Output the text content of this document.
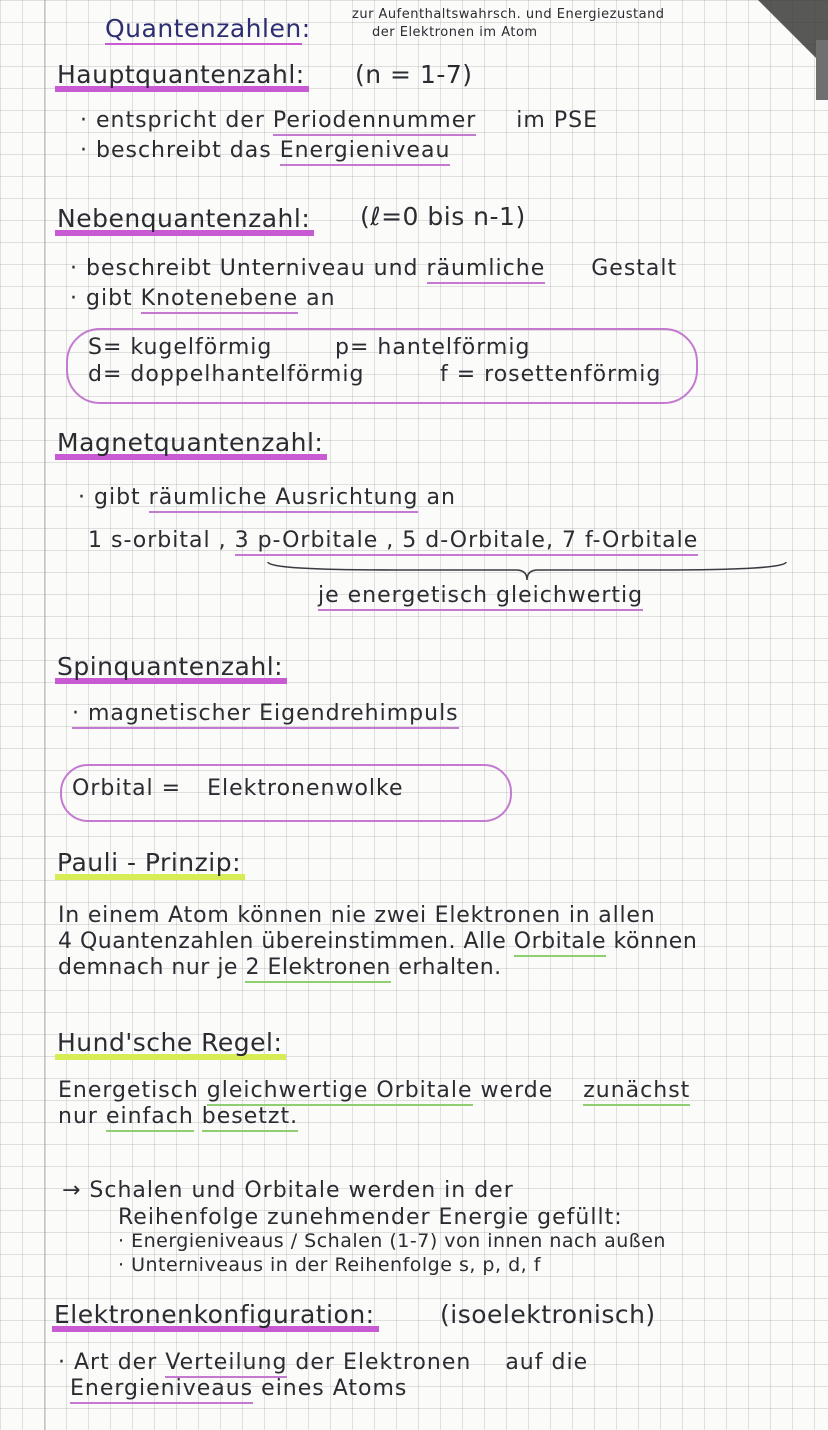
Quantenzahlen:	zur Aufenthaltswahrsch. und Energiezustand
der Elektronen im Atom
Hauptquantenzahl: (n = 1-7)
· entspricht der Periodennummer im PSE
· beschreibt das Energieniveau
Nebenquantenzahl: (ℓ=0 bis n-1)
· beschreibt Unterniveau und räumliche Gestalt
· gibt Knotenebene an
S= kugelförmig	p= hantelförmig
d= doppelhantelförmig	f = rosettenförmig
Magnetquantenzahl:
· gibt räumliche Ausrichtung an
1 s-orbital , 3 p-Orbitale , 5 d-Orbitale, 7 f-Orbitale
je energetisch gleichwertig
Spinquantenzahl:
· magnetischer Eigendrehimpuls
Orbital = Elektronenwolke
Pauli - Prinzip:
In einem Atom können nie zwei Elektronen in allen
4 Quantenzahlen übereinstimmen. Alle Orbitale können
demnach nur je 2 Elektronen erhalten.
Hund'sche Regel:
Energetisch gleichwertige Orbitale werde zunächst
nur einfach besetzt.
→ Schalen und Orbitale werden in der
Reihenfolge zunehmender Energie gefüllt:
· Energieniveaus / Schalen (1-7) von innen nach außen
· Unterniveaus in der Reihenfolge s, p, d, f
Elektronenkonfiguration:	(isoelektronisch)
· Art der Verteilung der Elektronen auf die
Energieniveaus eines Atoms
